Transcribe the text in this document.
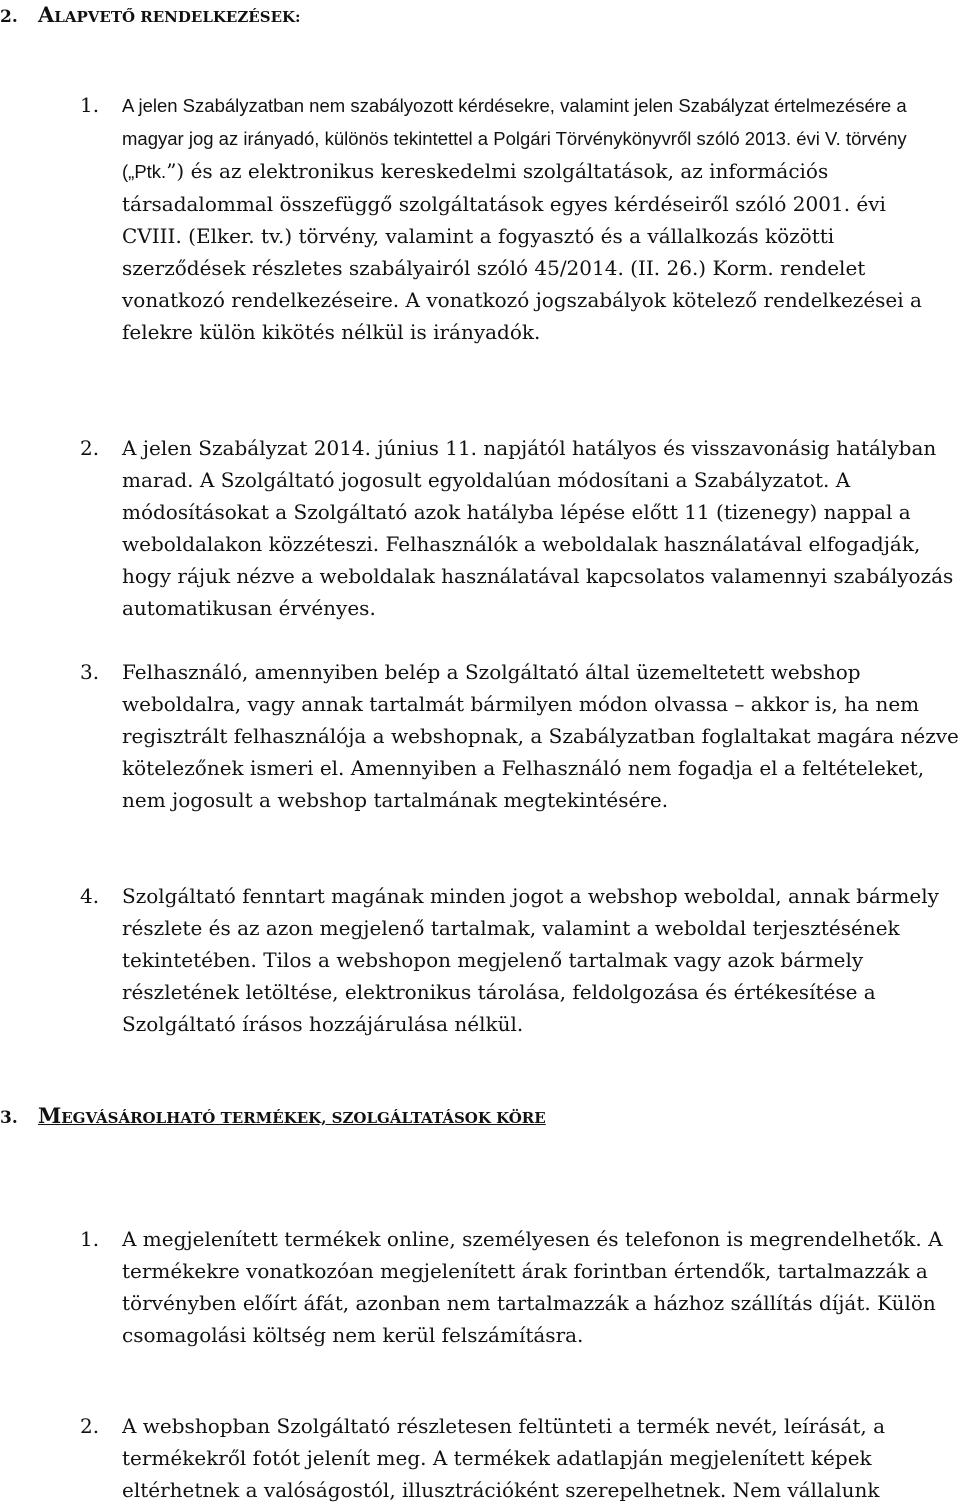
2. ALAPVETŐ RENDELKEZÉSEK:
1. A jelen Szabályzatban nem szabályozott kérdésekre, valamint jelen Szabályzat értelmezésére a magyar jog az irányadó, különös tekintettel a Polgári Törvénykönyvről szóló 2013. évi V. törvény („Ptk.”) és az elektronikus kereskedelmi szolgáltatások, az információs társadalommal összefüggő szolgáltatások egyes kérdéseiről szóló 2001. évi CVIII. (Elker. tv.) törvény, valamint a fogyasztó és a vállalkozás közötti szerződések részletes szabályairól szóló 45/2014. (II. 26.) Korm. rendelet vonatkozó rendelkezéseire. A vonatkozó jogszabályok kötelező rendelkezései a felekre külön kikötés nélkül is irányadók.

2. A jelen Szabályzat 2014. június 11. napjától hatályos és visszavonásig hatályban marad. A Szolgáltató jogosult egyoldalúan módosítani a Szabályzatot. A módosításokat a Szolgáltató azok hatályba lépése előtt 11 (tizenegy) nappal a weboldalakon közzéteszi. Felhasználók a weboldalak használatával elfogadják, hogy rájuk nézve a weboldalak használatával kapcsolatos valamennyi szabályozás automatikusan érvényes.

3. Felhasználó, amennyiben belép a Szolgáltató által üzemeltetett webshop weboldalra, vagy annak tartalmát bármilyen módon olvassa – akkor is, ha nem regisztrált felhasználója a webshopnak, a Szabályzatban foglaltakat magára nézve kötelezőnek ismeri el. Amennyiben a Felhasználó nem fogadja el a feltételeket, nem jogosult a webshop tartalmának megtekintésére.

4. Szolgáltató fenntart magának minden jogot a webshop weboldal, annak bármely részlete és az azon megjelenő tartalmak, valamint a weboldal terjesztésének tekintetében. Tilos a webshopon megjelenő tartalmak vagy azok bármely részletének letöltése, elektronikus tárolása, feldolgozása és értékesítése a Szolgáltató írásos hozzájárulása nélkül.

3. MEGVÁSÁROLHATÓ TERMÉKEK, SZOLGÁLTATÁSOK KÖRE
1. A megjelenített termékek online, személyesen és telefonon is megrendelhetők. A termékekre vonatkozóan megjelenített árak forintban értendők, tartalmazzák a törvényben előírt áfát, azonban nem tartalmazzák a házhoz szállítás díját. Külön csomagolási költség nem kerül felszámításra.

2. A webshopban Szolgáltató részletesen feltünteti a termék nevét, leírását, a termékekről fotót jelenít meg. A termékek adatlapján megjelenített képek eltérhetnek a valóságostól, illusztrációként szerepelhetnek. Nem vállalunk
